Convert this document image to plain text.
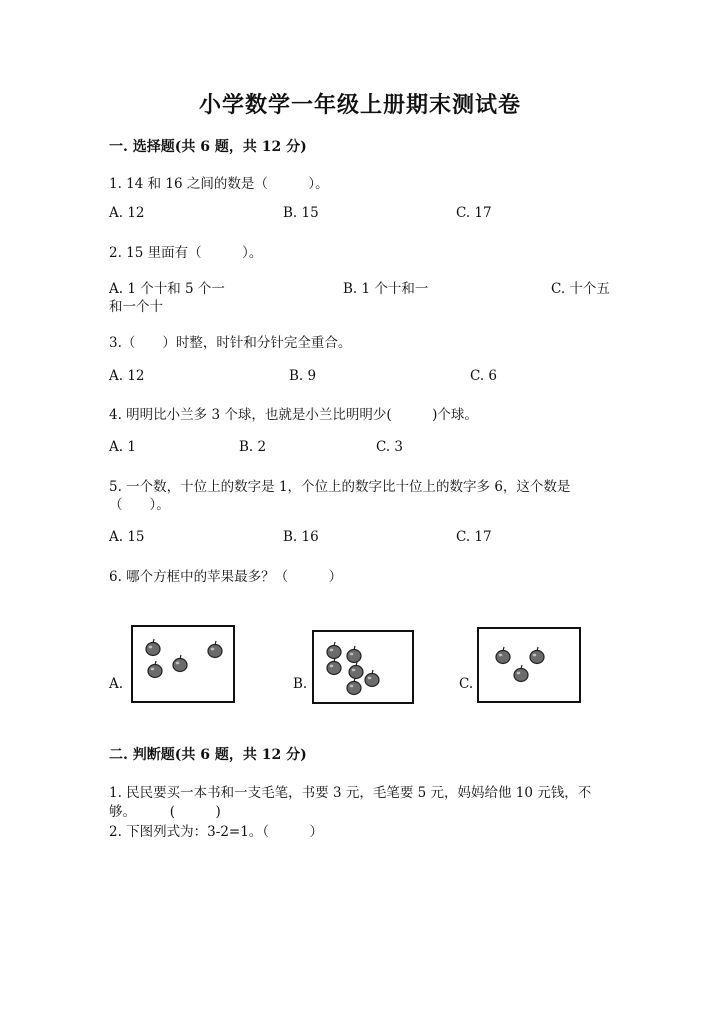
小学数学一年级上册期末测试卷
一. 选择题(共 6 题，共 12 分)
1. 14 和 16 之间的数是（　　　）。
A. 12	B. 15	C. 17
2. 15 里面有（　　　）。
A. 1 个十和 5 个一	B. 1 个十和一	C. 十个五
和一个十
3.（　　）时整，时针和分针完全重合。
A. 12	B. 9	C. 6
4. 明明比小兰多 3 个球，也就是小兰比明明少(　　　)个球。
A. 1	B. 2	C. 3
5. 一个数，十位上的数字是 1，个位上的数字比十位上的数字多 6，这个数是
（　　）。
A. 15	B. 16	C. 17
6. 哪个方框中的苹果最多？（　　　）
A.	B.	C.
二. 判断题(共 6 题，共 12 分)
1. 民民要买一本书和一支毛笔，书要 3 元，毛笔要 5 元，妈妈给他 10 元钱，不
够。　　　(　　　)
2. 下图列式为：3-2=1。（　　　）
